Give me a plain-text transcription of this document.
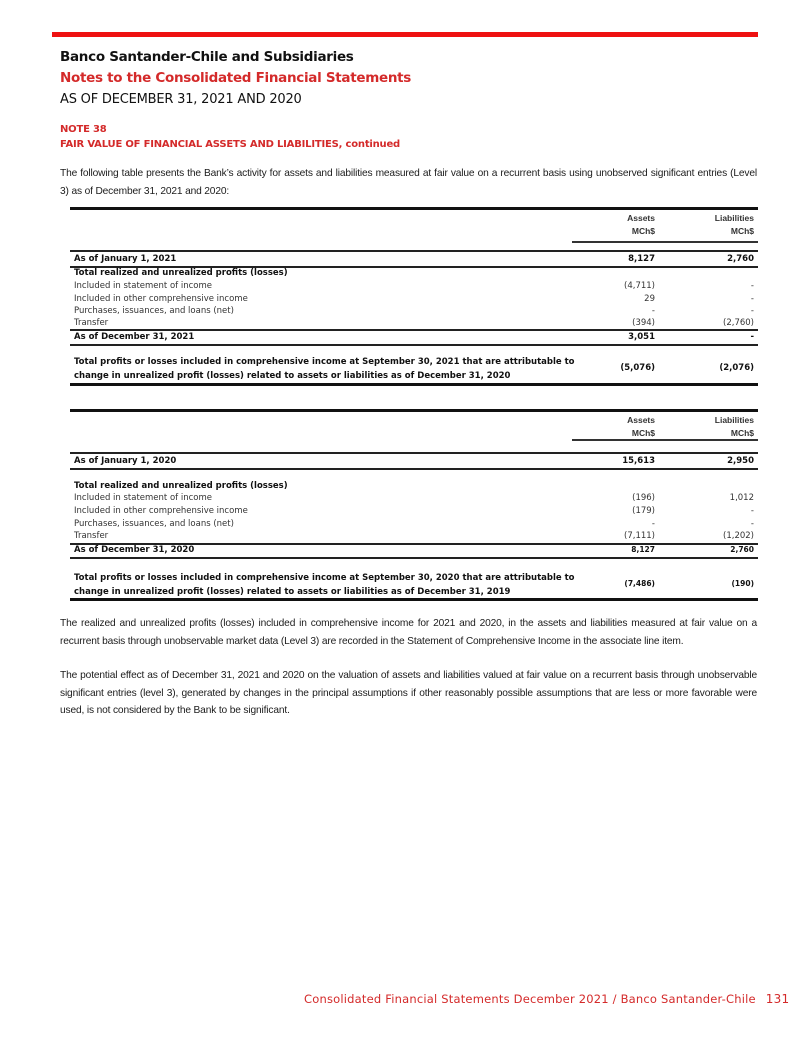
Banco Santander-Chile and Subsidiaries
Notes to the Consolidated Financial Statements
AS OF DECEMBER 31, 2021 AND 2020
NOTE 38
FAIR VALUE OF FINANCIAL ASSETS AND LIABILITIES, continued
The following table presents the Bank’s activity for assets and liabilities measured at fair value on a recurrent basis using unobserved significant entries (Level 3) as of December 31, 2021 and 2020:
Assets
MCh$
Liabilities
MCh$
As of January 1, 2021	8,127	2,760
Total realized and unrealized profits (losses)
Included in statement of income	(4,711)	-
Included in other comprehensive income	29	-
Purchases, issuances, and loans (net)	-	-
Transfer	(394)	(2,760)
As of December 31, 2021	3,051	-
Total profits or losses included in comprehensive income at September 30, 2021 that are attributable to
change in unrealized profit (losses) related to assets or liabilities as of December 31, 2020
(5,076)	(2,076)
Assets
MCh$
Liabilities
MCh$
As of January 1, 2020	15,613	2,950
Total realized and unrealized profits (losses)
Included in statement of income	(196)	1,012
Included in other comprehensive income	(179)	-
Purchases, issuances, and loans (net)	-	-
Transfer	(7,111)	(1,202)
As of December 31, 2020	8,127	2,760
Total profits or losses included in comprehensive income at September 30, 2020 that are attributable to
change in unrealized profit (losses) related to assets or liabilities as of December 31, 2019
(7,486)	(190)
The realized and unrealized profits (losses) included in comprehensive income for 2021 and 2020, in the assets and liabilities measured at fair value on a recurrent basis through unobservable market data (Level 3) are recorded in the Statement of Comprehensive Income in the associate line item.
The potential effect as of December 31, 2021 and 2020 on the valuation of assets and liabilities valued at fair value on a recurrent basis through unobservable significant entries (level 3), generated by changes in the principal assumptions if other reasonably possible assumptions that are less or more favorable were used, is not considered by the Bank to be significant.
Consolidated Financial Statements December 2021 / Banco Santander-Chile 131
